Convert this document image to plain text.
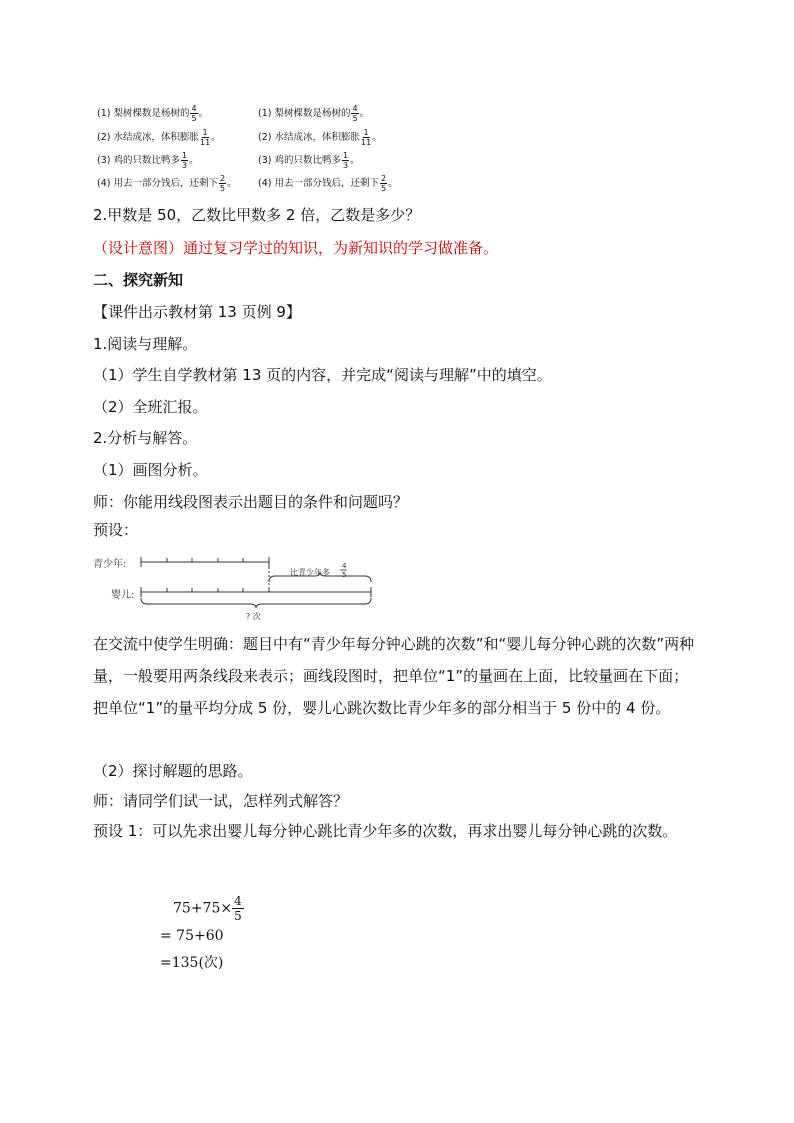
(1) 梨树棵数是杨树的 $\frac{4}{5}$ 。
(2) 水结成冰，体积膨胀 $\frac{1}{11}$ 。
(3) 鸡的只数比鸭多 $\frac{1}{3}$ 。
(4) 用去一部分钱后，还剩下 $\frac{2}{5}$ 。
(1) 梨树棵数是杨树的 $\frac{4}{5}$ 。
(2) 水结成冰，体积膨胀 $\frac{1}{11}$ 。
(3) 鸡的只数比鸭多 $\frac{1}{3}$ 。
(4) 用去一部分钱后，还剩下 $\frac{2}{5}$ 。
2.甲数是 50，乙数比甲数多 2 倍，乙数是多少？
（设计意图）通过复习学过的知识，为新知识的学习做准备。
二、探究新知
【课件出示教材第 13 页例 9】
1.阅读与理解。
（1）学生自学教材第 13 页的内容，并完成“阅读与理解”中的填空。
（2）全班汇报。
2.分析与解答。
（1）画图分析。
师：你能用线段图表示出题目的条件和问题吗？
预设：
青少年:
婴儿:
比青少年多
4
5
? 次
在交流中使学生明确：题目中有“青少年每分钟心跳的次数”和“婴儿每分钟心跳的次数”两种量，一般要用两条线段来表示；画线段图时，把单位“1”的量画在上面，比较量画在下面；把单位“1”的量平均分成 5 份，婴儿心跳次数比青少年多的部分相当于 5 份中的 4 份。
（2）探讨解题的思路。
师：请同学们试一试，怎样列式解答？
预设 1：可以先求出婴儿每分钟心跳比青少年多的次数，再求出婴儿每分钟心跳的次数。
$75+75\times \frac{4}{5}$
= 75+60
=135(次)
